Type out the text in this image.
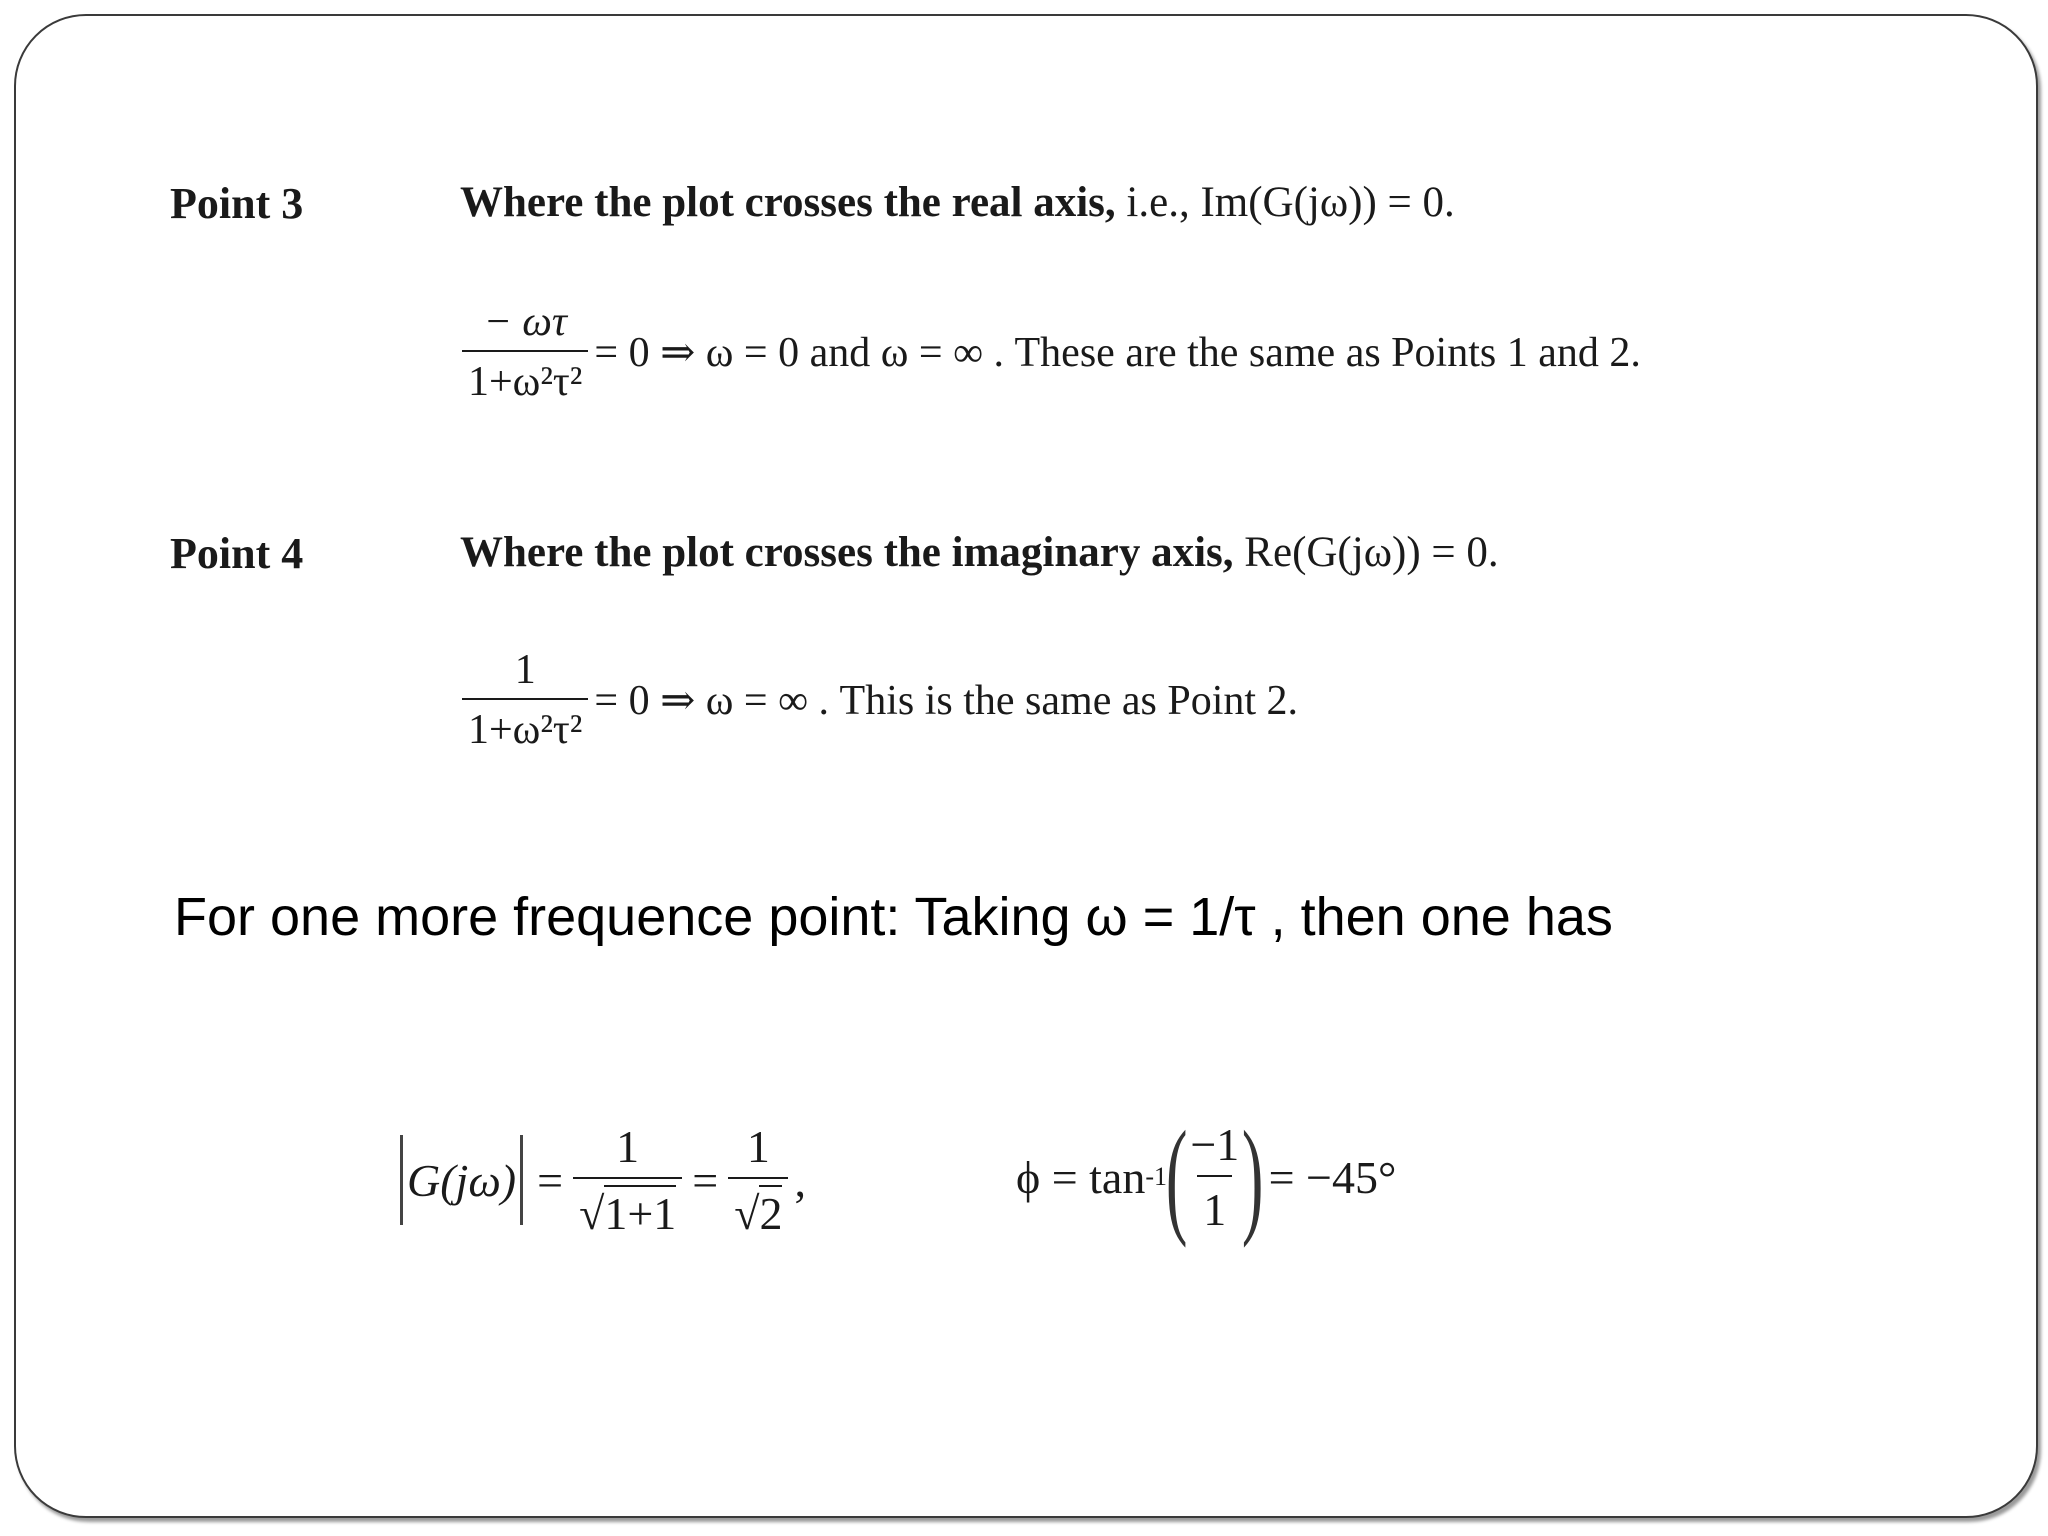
Point 3	Where the plot crosses the real axis, i.e., Im(G(jω)) = 0.
$\frac{- \omega\tau}{\text{1+ω²τ²}} = 0$ ⇒ ω = 0 and ω = ∞ . These are the same as Points 1 and 2.
Point 4	Where the plot crosses the imaginary axis, Re(G(jω)) = 0.
$\frac{1}{\text{1+ω²τ²}} = 0$ ⇒ ω = ∞ . This is the same as Point 2.
For one more frequence point: Taking ω = 1/τ , then one has
$G(j\omega) = \frac{1}{√ 1+1} = \frac{1}{√ 2}$ ,	ϕ = tan -1
(
$\frac{-1}{1}$
) = −45°
